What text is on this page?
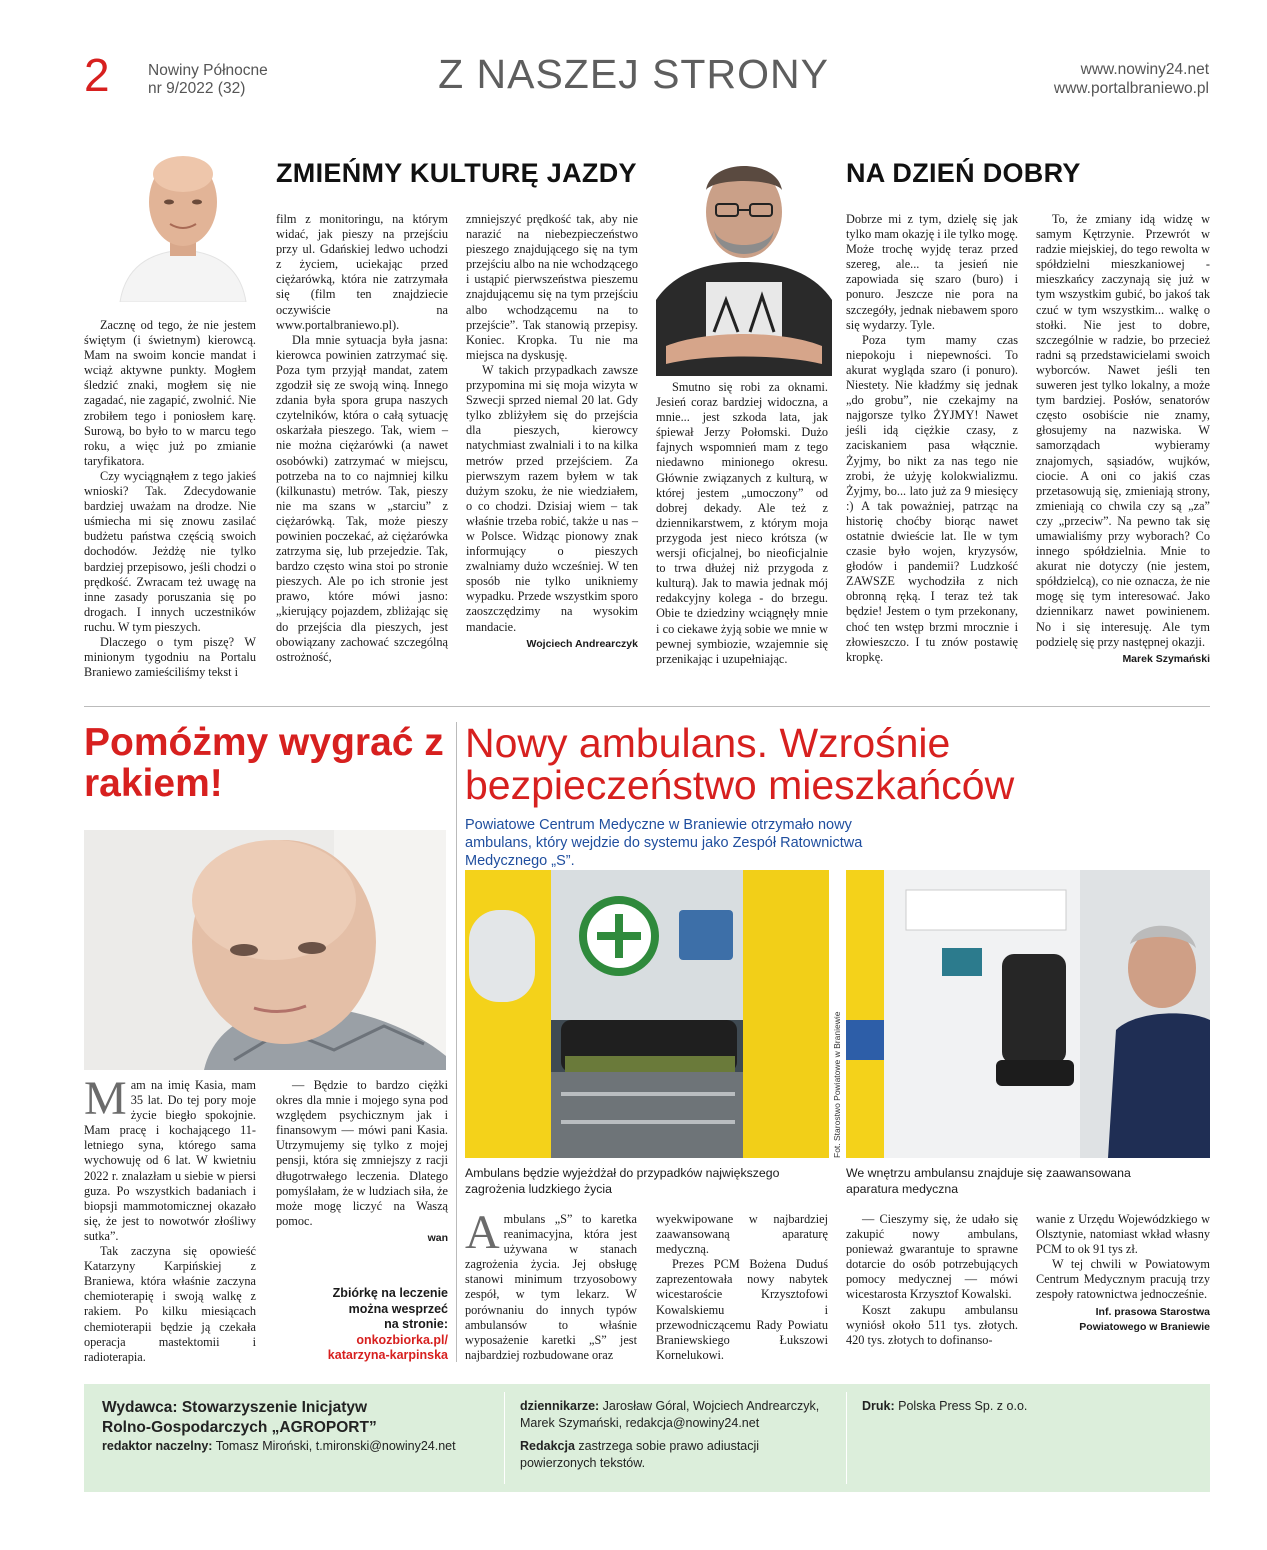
2 Nowiny Północne
nr 9/2022 (32)	Z NASZEJ STRONY	www.nowiny24.net
www.portalbraniewo.pl
ZMIEŃMY KULTURĘ JAZDY

Zacznę od tego, że nie jestem świętym (i świetnym) kierowcą. Mam na swoim koncie mandat i wciąż aktywne punkty. Mogłem śledzić znaki, mogłem się nie zagadać, nie zagapić, zwolnić. Nie zrobiłem tego i poniosłem karę. Surową, bo było to w marcu tego roku, a więc już po zmianie taryfikatora.

Czy wyciągnąłem z tego jakieś wnioski? Tak. Zdecydowanie bardziej uważam na drodze. Nie uśmiecha mi się znowu zasilać budżetu państwa częścią swoich dochodów. Jeżdżę nie tylko bardziej przepisowo, jeśli chodzi o prędkość. Zwracam też uwagę na inne zasady poruszania się po drogach. I innych uczestników ruchu. W tym pieszych.

Dlaczego o tym piszę? W minionym tygodniu na Portalu Braniewo zamieściliśmy tekst i

film z monitoringu, na którym widać, jak pieszy na przejściu przy ul. Gdańskiej ledwo uchodzi z życiem, uciekając przed ciężarówką, która nie zatrzymała się (film ten znajdziecie oczywiście na www.portalbraniewo.pl).

Dla mnie sytuacja była jasna: kierowca powinien zatrzymać się. Poza tym przyjął mandat, zatem zgodził się ze swoją winą. Innego zdania była spora grupa naszych czytelników, która o całą sytuację oskarżała pieszego. Tak, wiem – nie można ciężarówki (a nawet osobówki) zatrzymać w miejscu, potrzeba na to co najmniej kilku (kilkunastu) metrów. Tak, pieszy nie ma szans w „starciu” z ciężarówką. Tak, może pieszy powinien poczekać, aż ciężarówka zatrzyma się, lub przejedzie. Tak, bardzo często wina stoi po stronie pieszych. Ale po ich stronie jest prawo, które mówi jasno: „kierujący pojazdem, zbliżając się do przejścia dla pieszych, jest obowiązany zachować szczególną ostrożność,

zmniejszyć prędkość tak, aby nie narazić na niebezpieczeństwo pieszego znajdującego się na tym przejściu albo na nie wchodzącego i ustąpić pierwszeństwa pieszemu znajdującemu się na tym przejściu albo wchodzącemu na to przejście”. Tak stanowią przepisy. Koniec. Kropka. Tu nie ma miejsca na dyskusję.

W takich przypadkach zawsze przypomina mi się moja wizyta w Szwecji sprzed niemal 20 lat. Gdy tylko zbliżyłem się do przejścia dla pieszych, kierowcy natychmiast zwalniali i to na kilka metrów przed przejściem. Za pierwszym razem byłem w tak dużym szoku, że nie wiedziałem, o co chodzi. Dzisiaj wiem – tak właśnie trzeba robić, także u nas – w Polsce. Widząc pionowy znak informujący o pieszych zwalniamy dużo wcześniej. W ten sposób nie tylko unikniemy wypadku. Przede wszystkim sporo zaoszczędzimy na wysokim mandacie.

Wojciech Andrearczyk
NA DZIEŃ DOBRY

Smutno się robi za oknami. Jesień coraz bardziej widoczna, a mnie... jest szkoda lata, jak śpiewał Jerzy Połomski. Dużo fajnych wspomnień mam z tego niedawno minionego okresu. Głównie związanych z kulturą, w której jestem „umoczony” od dobrej dekady. Ale też z dziennikarstwem, z którym moja przygoda jest nieco krótsza (w wersji oficjalnej, bo nieoficjalnie to trwa dłużej niż przygoda z kulturą). Jak to mawia jednak mój redakcyjny kolega - do brzegu. Obie te dziedziny wciągnęły mnie i co ciekawe żyją sobie we mnie w pewnej symbiozie, wzajemnie się przenikając i uzupełniając.

Dobrze mi z tym, dzielę się jak tylko mam okazję i ile tylko mogę. Może trochę wyjdę teraz przed szereg, ale... ta jesień nie zapowiada się szaro (buro) i ponuro. Jeszcze nie pora na szczegóły, jednak niebawem sporo się wydarzy. Tyle.

Poza tym mamy czas niepokoju i niepewności. To akurat wygląda szaro (i ponuro). Niestety. Nie kładźmy się jednak „do grobu”, nie czekajmy na najgorsze tylko ŻYJMY! Nawet jeśli idą ciężkie czasy, z zaciskaniem pasa włącznie. Żyjmy, bo nikt za nas tego nie zrobi, że użyję kolokwializmu. Żyjmy, bo... lato już za 9 miesięcy :) A tak poważniej, patrząc na historię choćby biorąc nawet ostatnie dwieście lat. Ile w tym czasie było wojen, kryzysów, głodów i pandemii? Ludzkość ZAWSZE wychodziła z nich obronną ręką. I teraz też tak będzie! Jestem o tym przekonany, choć ten wstęp brzmi mrocznie i złowieszczo. I tu znów postawię kropkę.

To, że zmiany idą widzę w samym Kętrzynie. Przewrót w radzie miejskiej, do tego rewolta w spółdzielni mieszkaniowej - mieszkańcy zaczynają się już w tym wszystkim gubić, bo jakoś tak czuć w tym wszystkim... walkę o stołki. Nie jest to dobre, szczególnie w radzie, bo przecież radni są przedstawicielami swoich wyborców. Nawet jeśli ten suweren jest tylko lokalny, a może tym bardziej. Posłów, senatorów często osobiście nie znamy, głosujemy na nazwiska. W samorządach wybieramy znajomych, sąsiadów, wujków, ciocie. A oni co jakiś czas przetasowują się, zmieniają strony, zmieniają co chwila czy są „za” czy „przeciw”. Na pewno tak się umawialiśmy przy wyborach? Co innego spółdzielnia. Mnie to akurat nie dotyczy (nie jestem, spółdzielcą), co nie oznacza, że nie mogę się tym interesować. Jako dziennikarz nawet powinienem. No i się interesuję. Ale tym podzielę się przy następnej okazji.

Marek Szymański
Pomóżmy wygrać z rakiem!

Mam na imię Kasia, mam 35 lat. Do tej pory moje życie biegło spokojnie. Mam pracę i kochającego 11-letniego syna, którego sama wychowuję od 6 lat. W kwietniu 2022 r. znalazłam u siebie w piersi guza. Po wszystkich badaniach i biopsji mammotomicznej okazało się, że jest to nowotwór złośliwy sutka”.

Tak zaczyna się opowieść Katarzyny Karpińskiej z Braniewa, która właśnie zaczyna chemioterapię i swoją walkę z rakiem. Po kilku miesiącach chemioterapii będzie ją czekała operacja mastektomii i radioterapia.

— Będzie to bardzo ciężki okres dla mnie i mojego syna pod względem psychicznym jak i finansowym — mówi pani Kasia. Utrzymujemy się tylko z mojej pensji, która się zmniejszy z racji długotrwałego leczenia. Dlatego pomyślałam, że w ludziach siła, że może mogę liczyć na Waszą pomoc.

wan
Zbiórkę na leczenie
można wesprzeć
na stronie:
onkozbiorka.pl/
katarzyna-karpinska
Nowy ambulans. Wzrośnie
bezpieczeństwo mieszkańców
Powiatowe Centrum Medyczne w Braniewie otrzymało nowy ambulans, który wejdzie do systemu jako Zespół Ratownictwa Medycznego „S”.
Fot. Starostwo Powiatowe w Braniewie
Ambulans będzie wyjeżdżał do przypadków największego zagrożenia ludzkiego życia
We wnętrzu ambulansu znajduje się zaawansowana aparatura medyczna

Ambulans „S” to karetka reanimacyjna, która jest używana w stanach zagrożenia życia. Jej obsługę stanowi minimum trzyosobowy zespół, w tym lekarz. W porównaniu do innych typów ambulansów to właśnie wyposażenie karetki „S” jest najbardziej rozbudowane oraz

wyekwipowane w najbardziej zaawansowaną aparaturę medyczną.

Prezes PCM Bożena Duduś zaprezentowała nowy nabytek wicestaroście Krzysztofowi Kowalskiemu i przewodniczącemu Rady Powiatu Braniewskiego Łukszowi Kornelukowi.

— Cieszymy się, że udało się zakupić nowy ambulans, ponieważ gwarantuje to sprawne dotarcie do osób potrzebujących pomocy medycznej — mówi wicestarosta Krzysztof Kowalski.

Koszt zakupu ambulansu wyniósł około 511 tys. złotych. 420 tys. złotych to dofinanso-

wanie z Urzędu Wojewódzkiego w Olsztynie, natomiast wkład własny PCM to ok 91 tys zł.

W tej chwili w Powiatowym Centrum Medycznym pracują trzy zespoły ratownictwa jednocześnie.

Inf. prasowa Starostwa
Powiatowego w Braniewie
Wydawca: Stowarzyszenie Inicjatyw
Rolno-Gospodarczych „AGROPORT”
redaktor naczelny: Tomasz Miroński, t.mironski@nowiny24.net
dziennikarze: Jarosław Góral, Wojciech Andrearczyk,
Marek Szymański, redakcja@nowiny24.net
Redakcja zastrzega sobie prawo adiustacji
powierzonych tekstów.
Druk: Polska Press Sp. z o.o.
